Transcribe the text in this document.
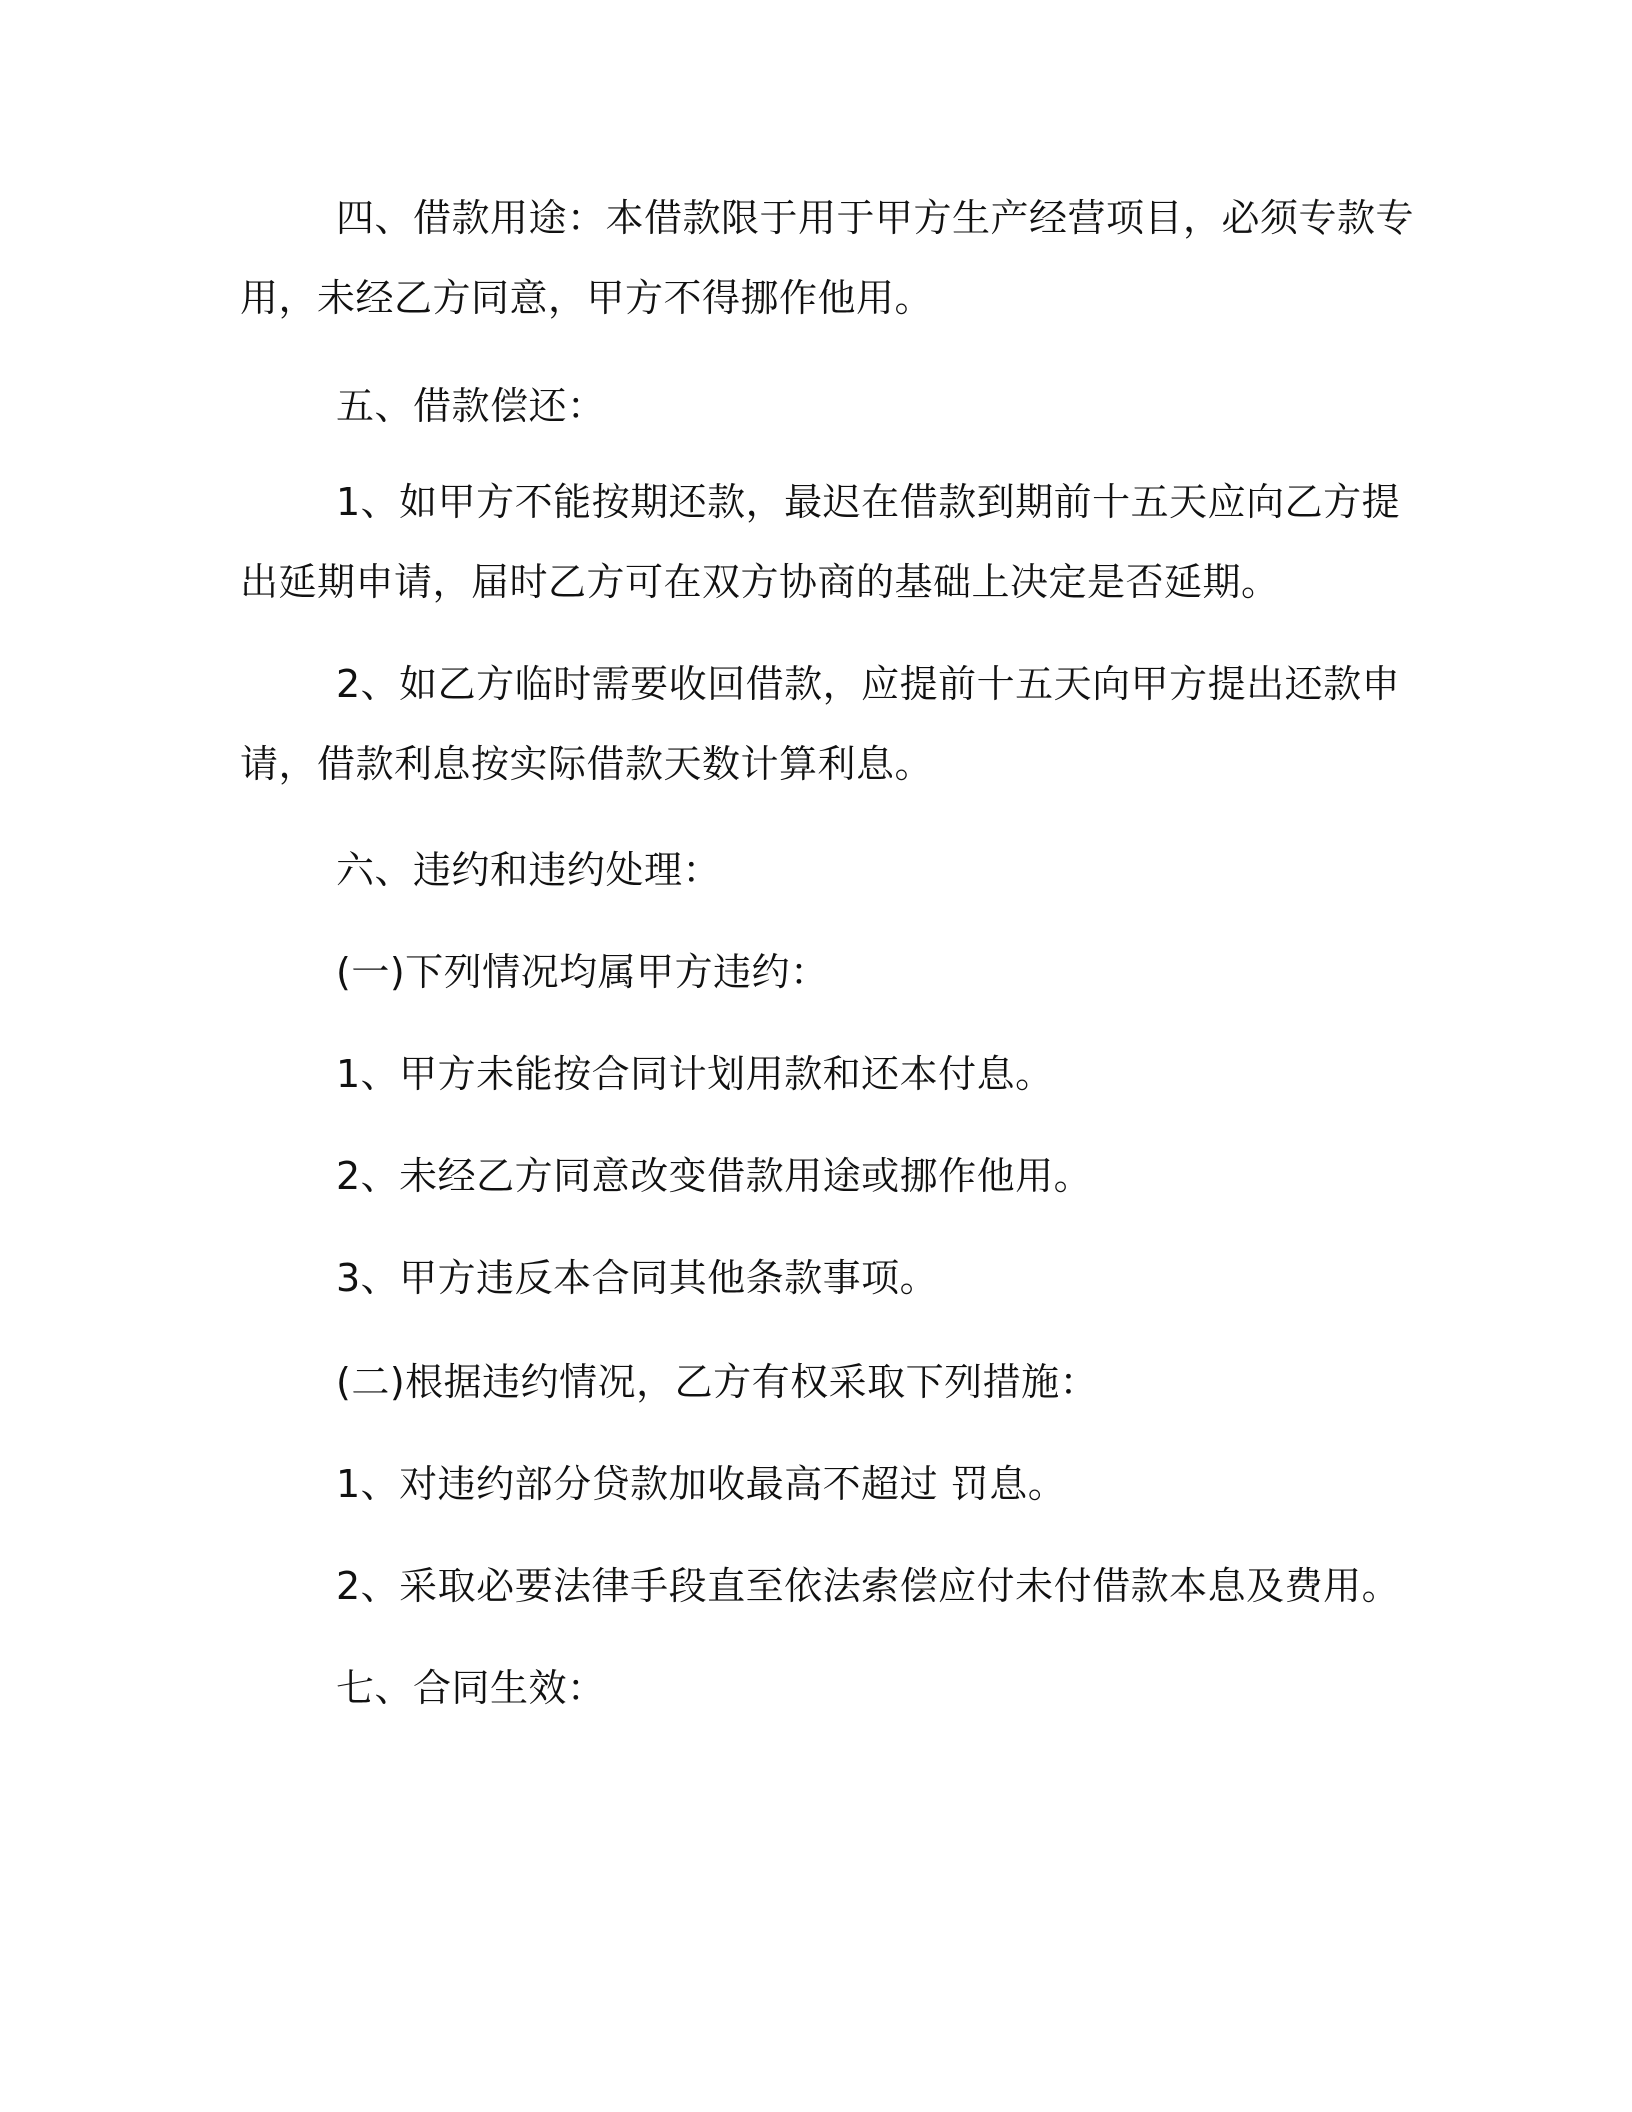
四、借款用途：本借款限于用于甲方生产经营项目，必须专款专
用，未经乙方同意，甲方不得挪作他用。
五、借款偿还：
1、如甲方不能按期还款，最迟在借款到期前十五天应向乙方提
出延期申请，届时乙方可在双方协商的基础上决定是否延期。
2、如乙方临时需要收回借款，应提前十五天向甲方提出还款申
请，借款利息按实际借款天数计算利息。
六、违约和违约处理：
(一)下列情况均属甲方违约：
1、甲方未能按合同计划用款和还本付息。
2、未经乙方同意改变借款用途或挪作他用。
3、甲方违反本合同其他条款事项。
(二)根据违约情况，乙方有权采取下列措施：
1、对违约部分贷款加收最高不超过 罚息。
2、采取必要法律手段直至依法索偿应付未付借款本息及费用。
七、合同生效：
